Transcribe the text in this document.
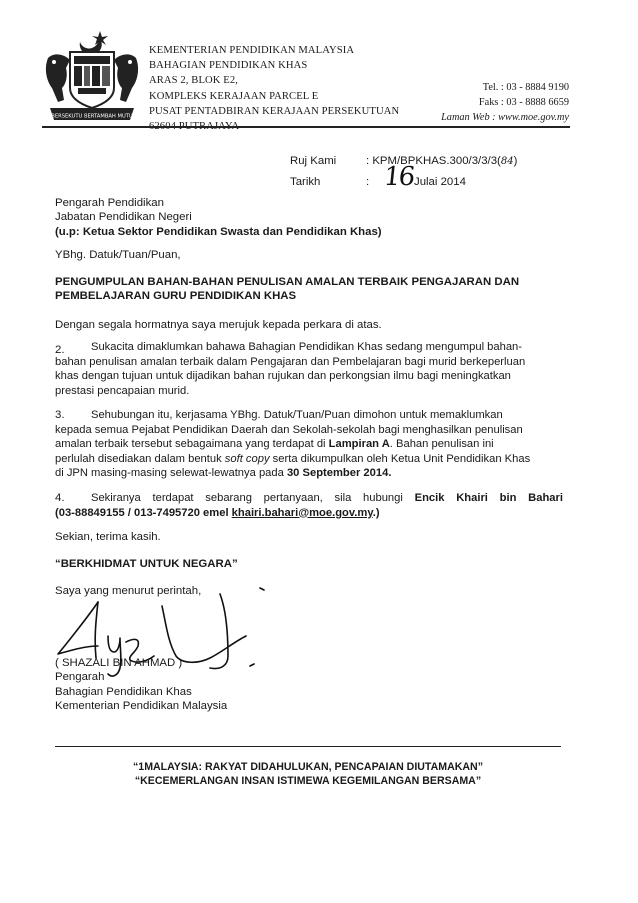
BERSEKUTU BERTAMBAH MUTU
KEMENTERIAN PENDIDIKAN MALAYSIA
BAHAGIAN PENDIDIKAN KHAS
ARAS 2, BLOK E2,
KOMPLEKS KERAJAAN PARCEL E
PUSAT PENTADBIRAN KERAJAAN PERSEKUTUAN
Tel. : 03 - 8884 9190
Faks : 03 - 8888 6659
Laman Web : www.moe.gov.my
Ruj Kami	: KPM/BPKHAS.300/3/3/3(84)
Tarikh	: 16 Julai 2014
Pengarah Pendidikan
Jabatan Pendidikan Negeri
(u.p: Ketua Sektor Pendidikan Swasta dan Pendidikan Khas)
YBhg. Datuk/Tuan/Puan,
PENGUMPULAN BAHAN-BAHAN PENULISAN AMALAN TERBAIK PENGAJARAN DAN
PEMBELAJARAN GURU PENDIDIKAN KHAS
Dengan segala hormatnya saya merujuk kepada perkara di atas.
2.	Sukacita dimaklumkan bahawa Bahagian Pendidikan Khas sedang mengumpul bahan-
bahan penulisan amalan terbaik dalam Pengajaran dan Pembelajaran bagi murid berkeperluan
khas dengan tujuan untuk dijadikan bahan rujukan dan perkongsian ilmu bagi meningkatkan
prestasi pencapaian murid.
3.	Sehubungan itu, kerjasama YBhg. Datuk/Tuan/Puan dimohon untuk memaklumkan
kepada semua Pejabat Pendidikan Daerah dan Sekolah-sekolah bagi menghasilkan penulisan
amalan terbaik tersebut sebagaimana yang terdapat di Lampiran A. Bahan penulisan ini
perlulah disediakan dalam bentuk soft copy serta dikumpulkan oleh Ketua Unit Pendidikan Khas
di JPN masing-masing selewat-lewatnya pada 30 September 2014.
4.	Sekiranya terdapat sebarang pertanyaan, sila hubungi Encik Khairi bin Bahari
(03-88849155 / 013-7495720 emel khairi.bahari@moe.gov.my.)
Sekian, terima kasih.
“BERKHIDMAT UNTUK NEGARA”
Saya yang menurut perintah,
( SHAZALI BIN AHMAD )
Pengarah
Bahagian Pendidikan Khas
Kementerian Pendidikan Malaysia
“1MALAYSIA: RAKYAT DIDAHULUKAN, PENCAPAIAN DIUTAMAKAN”
“KECEMERLANGAN INSAN ISTIMEWA KEGEMILANGAN BERSAMA”
